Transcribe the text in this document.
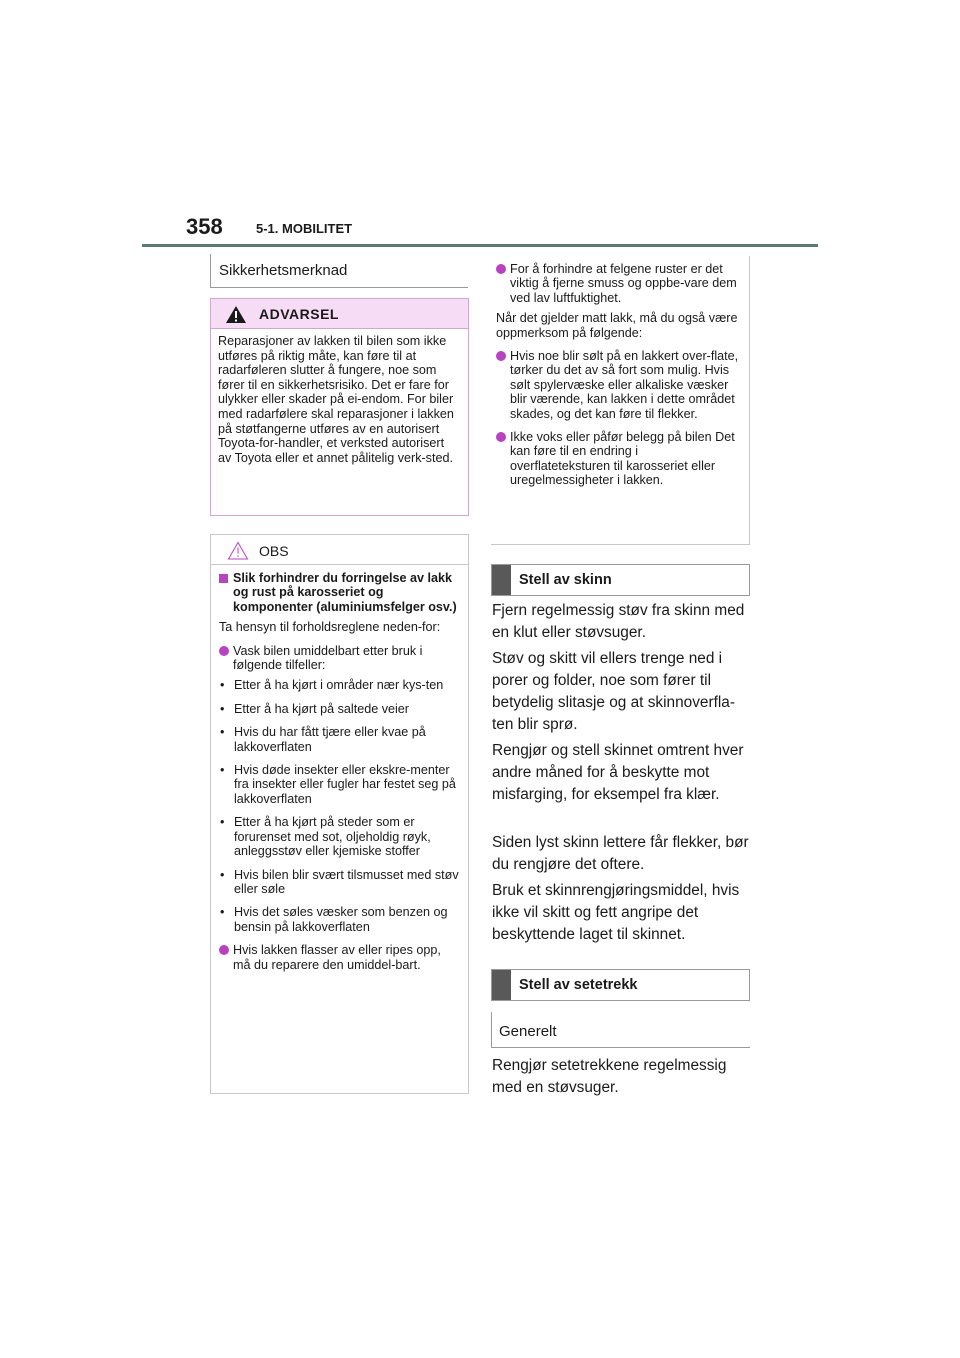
358	5-1. MOBILITET
Sikkerhetsmerknad
ADVARSEL
Reparasjoner av lakken til bilen som ikke utføres på riktig måte, kan føre til at radarføleren slutter å fungere, noe som fører til en sikkerhetsrisiko. Det er fare for ulykker eller skader på ei-endom. For biler med radarfølere skal reparasjoner i lakken på støtfangerne utføres av en autorisert Toyota-for-handler, et verksted autorisert av Toyota eller et annet pålitelig verk-sted.
OBS
Slik forhindrer du forringelse av lakk og rust på karosseriet og komponenter (aluminiumsfelger osv.)
Ta hensyn til forholdsreglene neden-for:
Vask bilen umiddelbart etter bruk i følgende tilfeller:
• Etter å ha kjørt i områder nær kys-ten
• Etter å ha kjørt på saltede veier
• Hvis du har fått tjære eller kvae på lakkoverflaten
• Hvis døde insekter eller ekskre-menter fra insekter eller fugler har festet seg på lakkoverflaten
• Etter å ha kjørt på steder som er forurenset med sot, oljeholdig røyk, anleggsstøv eller kjemiske stoffer
• Hvis bilen blir svært tilsmusset med støv eller søle
• Hvis det søles væsker som benzen og bensin på lakkoverflaten
Hvis lakken flasser av eller ripes opp, må du reparere den umiddel-bart.
For å forhindre at felgene ruster er det viktig å fjerne smuss og oppbe-vare dem ved lav luftfuktighet.
Når det gjelder matt lakk, må du også være oppmerksom på følgende:
Hvis noe blir sølt på en lakkert over-flate, tørker du det av så fort som mulig. Hvis sølt spylervæske eller alkaliske væsker blir værende, kan lakken i dette området skades, og det kan føre til flekker.
Ikke voks eller påfør belegg på bilen Det kan føre til en endring i overflateteksturen til karosseriet eller uregelmessigheter i lakken.
Stell av skinn
Fjern regelmessig støv fra skinn med en klut eller støvsuger.
Støv og skitt vil ellers trenge ned i porer og folder, noe som fører til betydelig slitasje og at skinnoverfla-ten blir sprø.
Rengjør og stell skinnet omtrent hver andre måned for å beskytte mot misfarging, for eksempel fra klær.
Siden lyst skinn lettere får flekker, bør du rengjøre det oftere.
Bruk et skinnrengjøringsmiddel, hvis ikke vil skitt og fett angripe det beskyttende laget til skinnet.
Stell av setetrekk
Generelt
Rengjør setetrekkene regelmessig med en støvsuger.
